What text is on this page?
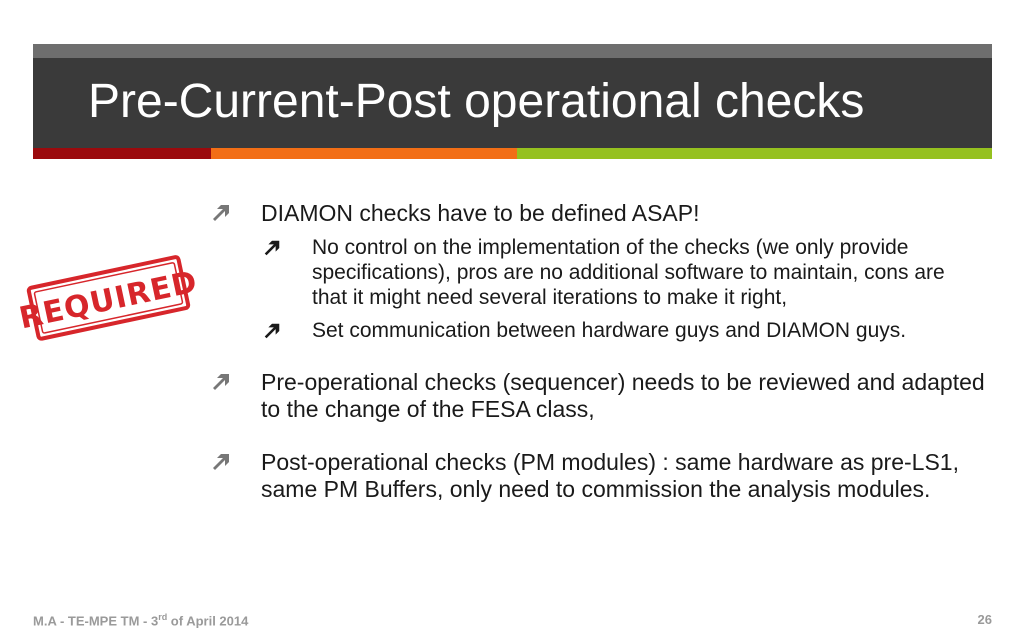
Pre-Current-Post operational checks
REQUIRED
DIAMON checks have to be defined ASAP!
No control on the implementation of the checks (we only provide specifications), pros are no additional software to maintain, cons are that it might need several iterations to make it right,
Set communication between hardware guys and DIAMON guys.
Pre-operational checks (sequencer) needs to be reviewed and adapted to the change of the FESA class,
Post-operational checks (PM modules) : same hardware as pre-LS1, same PM Buffers, only need to commission the analysis modules.
M.A - TE-MPE TM - 3rd of April 2014	26
